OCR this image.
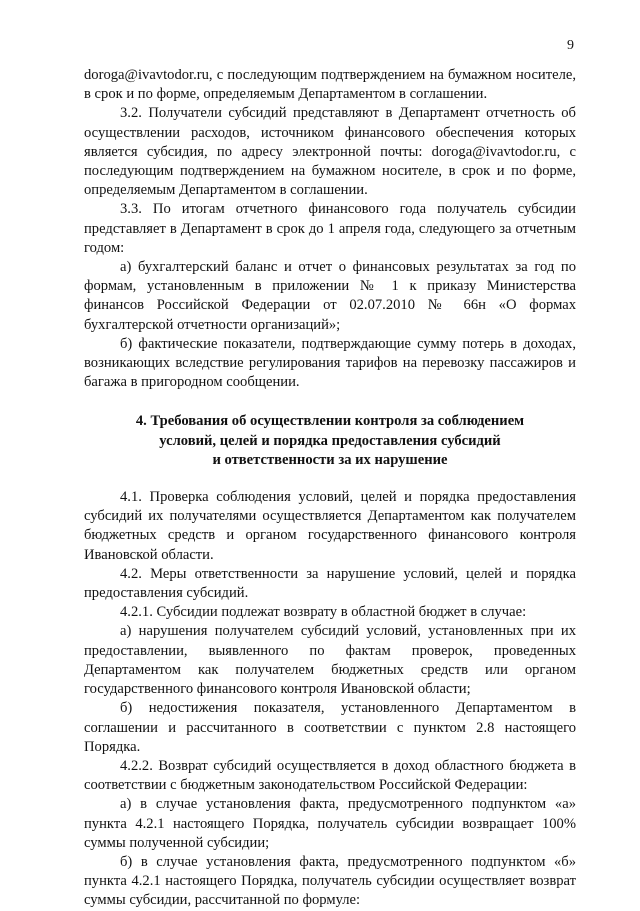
9

doroga@ivavtodor.ru, с последующим подтверждением на бумажном носителе, в срок и по форме, определяемым Департаментом в соглашении.

3.2. Получатели субсидий представляют в Департамент отчетность об осуществлении расходов, источником финансового обеспечения которых является субсидия, по адресу электронной почты: doroga@ivavtodor.ru, с последующим подтверждением на бумажном носителе, в срок и по форме, определяемым Департаментом в соглашении.

3.3. По итогам отчетного финансового года получатель субсидии представляет в Департамент в срок до 1 апреля года, следующего за отчетным годом:

а) бухгалтерский баланс и отчет о финансовых результатах за год по формам, установленным в приложении № 1 к приказу Министерства финансов Российской Федерации от 02.07.2010 № 66н «О формах бухгалтерской отчетности организаций»;

б) фактические показатели, подтверждающие сумму потерь в доходах, возникающих вследствие регулирования тарифов на перевозку пассажиров и багажа в пригородном сообщении.

4. Требования об осуществлении контроля за соблюдением
условий, целей и порядка предоставления субсидий
и ответственности за их нарушение

4.1. Проверка соблюдения условий, целей и порядка предоставления субсидий их получателями осуществляется Департаментом как получателем бюджетных средств и органом государственного финансового контроля Ивановской области.

4.2. Меры ответственности за нарушение условий, целей и порядка предоставления субсидий.

4.2.1. Субсидии подлежат возврату в областной бюджет в случае:

а) нарушения получателем субсидий условий, установленных при их предоставлении, выявленного по фактам проверок, проведенных Департаментом как получателем бюджетных средств или органом государственного финансового контроля Ивановской области;

б) недостижения показателя, установленного Департаментом в соглашении и рассчитанного в соответствии с пунктом 2.8 настоящего Порядка.

4.2.2. Возврат субсидий осуществляется в доход областного бюджета в соответствии с бюджетным законодательством Российской Федерации:

а) в случае установления факта, предусмотренного подпунктом «а» пункта 4.2.1 настоящего Порядка, получатель субсидии возвращает 100% суммы полученной субсидии;

б) в случае установления факта, предусмотренного подпунктом «б» пункта 4.2.1 настоящего Порядка, получатель субсидии осуществляет возврат суммы субсидии, рассчитанной по формуле:
